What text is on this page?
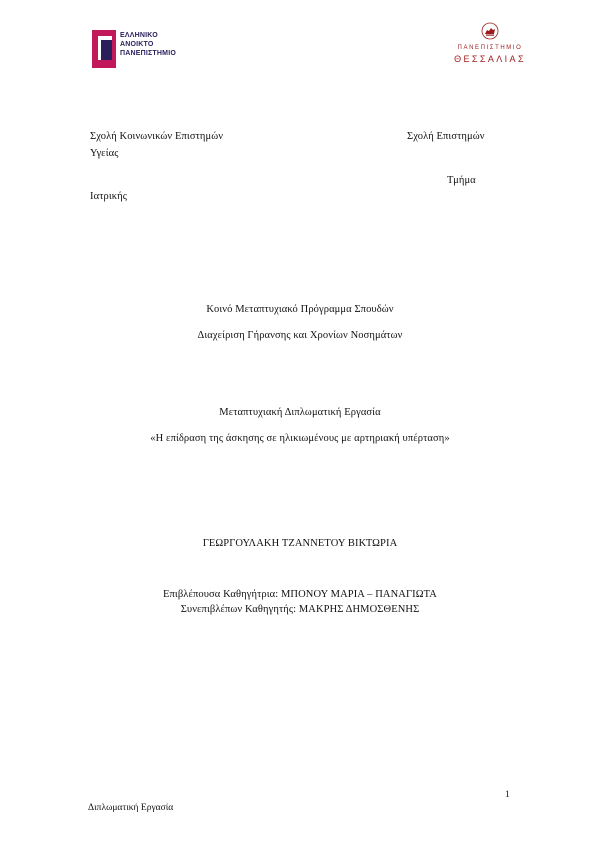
ΕΛΛΗΝΙΚΟ
ΑΝΟΙΚΤΟ
ΠΑΝΕΠΙΣΤΗΜΙΟ
ΠΑΝΕΠΙΣΤΗΜΙΟ
ΘΕΣΣΑΛΙΑΣ
Σχολή Κοινωνικών Επιστημών	Σχολή Επιστημών
Υγείας
Τμήμα
Ιατρικής
Κοινό Μεταπτυχιακό Πρόγραμμα Σπουδών
Διαχείριση Γήρανσης και Χρονίων Νοσημάτων
Μεταπτυχιακή Διπλωματική Εργασία
«Η επίδραση της άσκησης σε ηλικιωμένους με αρτηριακή υπέρταση»
ΓΕΩΡΓΟΥΛΑΚΗ ΤΖΑΝΝΕΤΟΥ ΒΙΚΤΩΡΙΑ
Επιβλέπουσα Καθηγήτρια: ΜΠΟΝΟΥ ΜΑΡΙΑ – ΠΑΝΑΓΙΩΤΑ
Συνεπιβλέπων Καθηγητής: ΜΑΚΡΗΣ ΔΗΜΟΣΘΕΝΗΣ
1
Διπλωματική Εργασία
